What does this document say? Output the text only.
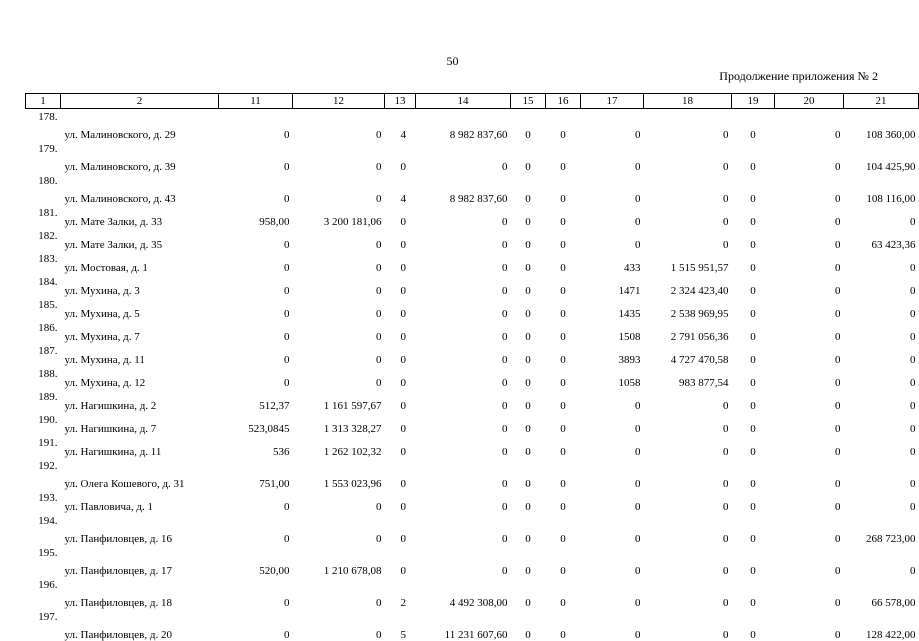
50
Продолжение приложения № 2
1	2	11	12	13	14	15	16	17	18	19	20	21
178.	ул. Малиновского, д. 29	0	0	4	8 982 837,60	0	0	0	0	0	0	108 360,00
179.	ул. Малиновского, д. 39	0	0	0	0	0	0	0	0	0	0	104 425,90
180.	ул. Малиновского, д. 43	0	0	4	8 982 837,60	0	0	0	0	0	0	108 116,00
181.	ул. Мате Залки, д. 33	958,00	3 200 181,06	0	0	0	0	0	0	0	0	0
182.	ул. Мате Залки, д. 35	0	0	0	0	0	0	0	0	0	0	63 423,36
183.	ул. Мостовая, д. 1	0	0	0	0	0	0	433	1 515 951,57	0	0	0
184.	ул. Мухина, д. 3	0	0	0	0	0	0	1471	2 324 423,40	0	0	0
185.	ул. Мухина, д. 5	0	0	0	0	0	0	1435	2 538 969,95	0	0	0
186.	ул. Мухина, д. 7	0	0	0	0	0	0	1508	2 791 056,36	0	0	0
187.	ул. Мухина, д. 11	0	0	0	0	0	0	3893	4 727 470,58	0	0	0
188.	ул. Мухина, д. 12	0	0	0	0	0	0	1058	983 877,54	0	0	0
189.	ул. Нагишкина, д. 2	512,37	1 161 597,67	0	0	0	0	0	0	0	0	0
190.	ул. Нагишкина, д. 7	523,0845	1 313 328,27	0	0	0	0	0	0	0	0	0
191.	ул. Нагишкина, д. 11	536	1 262 102,32	0	0	0	0	0	0	0	0	0
192.	ул. Олега Кошевого, д. 31	751,00	1 553 023,96	0	0	0	0	0	0	0	0	0
193.	ул. Павловича, д. 1	0	0	0	0	0	0	0	0	0	0	0
194.	ул. Панфиловцев, д. 16	0	0	0	0	0	0	0	0	0	0	268 723,00
195.	ул. Панфиловцев, д. 17	520,00	1 210 678,08	0	0	0	0	0	0	0	0	0
196.	ул. Панфиловцев, д. 18	0	0	2	4 492 308,00	0	0	0	0	0	0	66 578,00
197.	ул. Панфиловцев, д. 20	0	0	5	11 231 607,60	0	0	0	0	0	0	128 422,00
